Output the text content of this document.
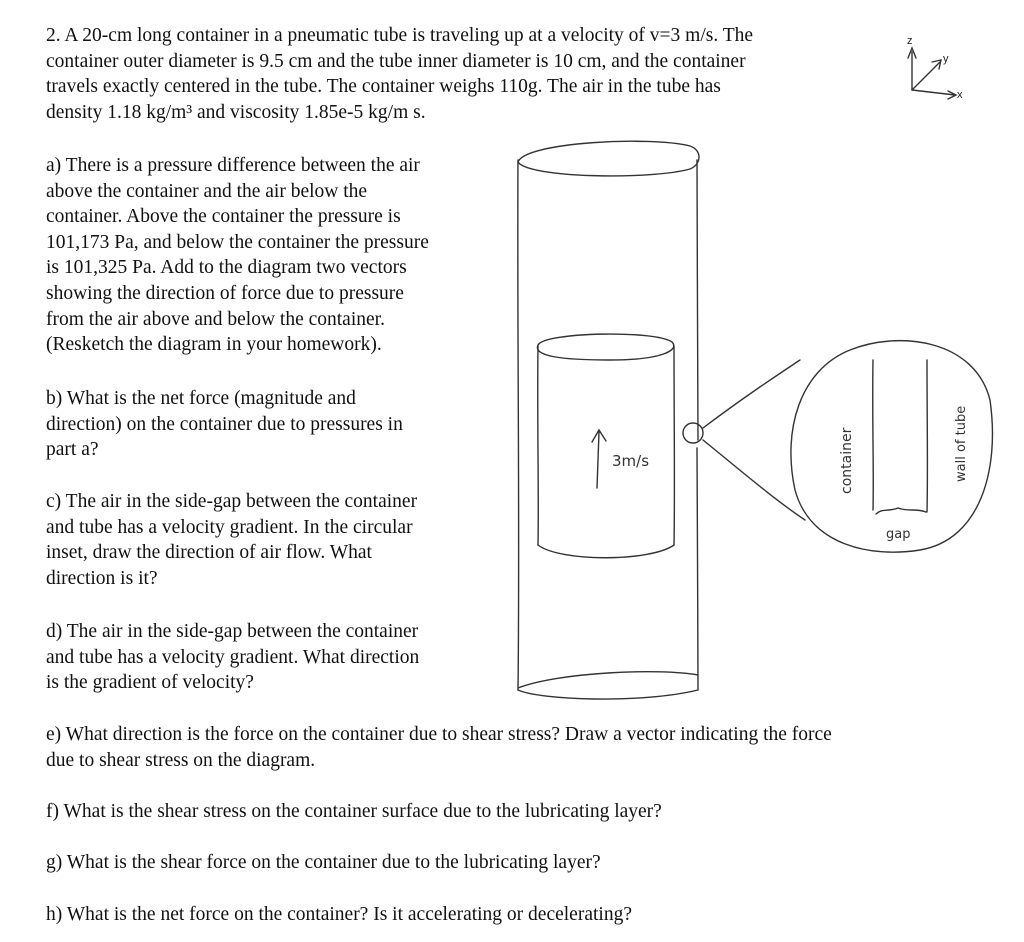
2. A 20-cm long container in a pneumatic tube is traveling up at a velocity of v=3 m/s. The
container outer diameter is 9.5 cm and the tube inner diameter is 10 cm, and the container
travels exactly centered in the tube. The container weighs 110g. The air in the tube has
density 1.18 kg/m³ and viscosity 1.85e-5 kg/m s.
a) There is a pressure difference between the air
above the container and the air below the
container. Above the container the pressure is
101,173 Pa, and below the container the pressure
is 101,325 Pa. Add to the diagram two vectors
showing the direction of force due to pressure
from the air above and below the container.
(Resketch the diagram in your homework).
b) What is the net force (magnitude and
direction) on the container due to pressures in
part a?
c) The air in the side-gap between the container
and tube has a velocity gradient. In the circular
inset, draw the direction of air flow. What
direction is it?
d) The air in the side-gap between the container
and tube has a velocity gradient. What direction
is the gradient of velocity?
e) What direction is the force on the container due to shear stress? Draw a vector indicating the force
due to shear stress on the diagram.
f) What is the shear stress on the container surface due to the lubricating layer?
g) What is the shear force on the container due to the lubricating layer?
h) What is the net force on the container? Is it accelerating or decelerating?
3m/s	container
gap
wall of tube
z
y
x
